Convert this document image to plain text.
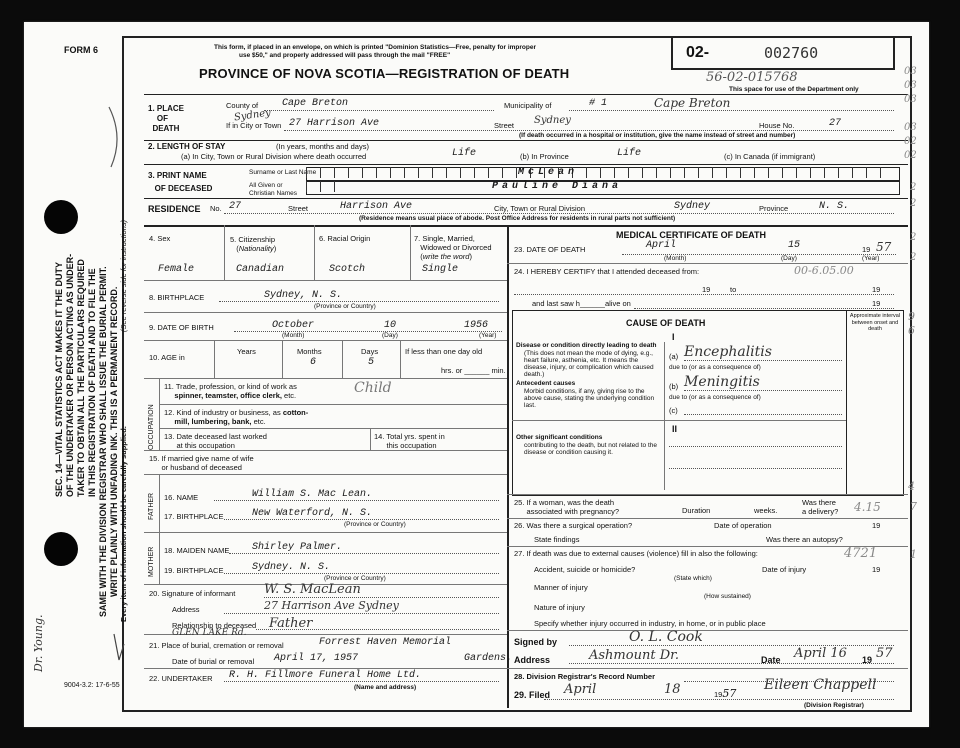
FORM 6
SEC. 14—VITAL STATISTICS ACT MAKES IT THE DUTY OF THE UNDERTAKER OR PERSON ACTING AS UNDER- TAKER TO OBTAIN ALL THE PARTICULARS REQUIRED IN THIS REGISTRATION OF DEATH AND TO FILE THE SAME WITH THE DIVISION REGISTRAR WHO SHALL ISSUE THE BURIAL PERMIT. WRITE PLAINLY WITH UNFADING INK. THIS IS A PERMANENT RECORD. Every item of information should be carefully supplied.
(See reverse side for instructions)
Dr. Young.
9004-3.2: 17-6-55
This form, if placed in an envelope, on which is printed "Dominion Statistics—Free, penalty for improper
use $50," and properly addressed will pass through the mail "FREE"
PROVINCE OF NOVA SCOTIA—REGISTRATION OF DEATH
02-	002760
56-02-015768
This space for use of the Department only
1. PLACE
OF
DEATH
County of Cape Breton	Municipality of	# 1	Cape Breton
Sydney
If in City or Town 27 Harrison Ave	Street Sydney	House No.	27
(If death occurred in a hospital or institution, give the name instead of street and number)
2. LENGTH OF STAY	(In years, months and days)
(a) In City, Town or Rural Division where death occurred	Life	(b) In Province	Life	(c) In Canada (if immigrant)
3. PRINT NAME
OF DECEASED
Surname or Last Name
All Given or
Christian Names
McLean
Pauline Diana
RESIDENCE No. 27	Street	Harrison Ave	City, Town or Rural Division	Sydney	Province	N. S.
(Residence means usual place of abode. Post Office Address for residents in rural parts not sufficient)
4. Sex
Female
5. Citizenship
(Nationality)
Canadian
6. Racial Origin
Scotch
7. Single, Married,
Widowed or Divorced
(write the word)
Single
8. BIRTHPLACE	Sydney, N. S.
(Province or Country)
9. DATE OF BIRTH	October	10	1956
(Month)	(Day)	(Year)
10. AGE in
Years	Months
6
Days
5
If less than one day old
hrs. or ______ min.
OCCUPATION
11. Trade, profession, or kind of work as
spinner, teamster, office clerk, etc.	Child
12. Kind of industry or business, as cotton-
mill, lumbering, bank, etc.
13. Date deceased last worked
at this occupation
14. Total yrs. spent in
this occupation
15. If married give name of wife
or husband of deceased
FATHER 16. NAME	William S. Mac Lean.
17. BIRTHPLACE	New Waterford, N. S.
(Province or Country)
MOTHER 18. MAIDEN NAME Shirley Palmer.
19. BIRTHPLACE	Sydney. N. S.
(Province or Country)
20. Signature of informant W. S. MacLean
Address	27 Harrison Ave Sydney
Relationship to deceased Father
GLEN LAKE Rd.
21. Place of burial, cremation or removal	Forrest Haven Memorial
Date of burial or removal April 17, 1957	Gardens.
22. UNDERTAKER R. H. Fillmore Funeral Home Ltd.
(Name and address)
MEDICAL CERTIFICATE OF DEATH
23. DATE OF DEATH	April	15	19 57
(Month)	(Day)	(Year)
24. I HEREBY CERTIFY that I attended deceased from:	00-6.05.00
to
19	19
and last saw h______alive on	19
CAUSE OF DEATH
Approximate interval between onset and death
I
Disease or condition directly leading to death
(This does not mean the mode of dying, e.g., heart failure, asthenia, etc. It means the disease, injury, or complication which caused death.)
(a) Encephalitis
due to (or as a consequence of)
Antecedent causes
Morbid conditions, if any, giving rise to the above cause, stating the underlying condition last.
(b) Meningitis
due to (or as a consequence of)
(c)
II
Other significant conditions
contributing to the death, but not related to the disease or condition causing it.
25. If a woman, was the death
associated with pregnancy?	Duration	weeks.
Was there
a delivery? 4.15
26. Was there a surgical operation?	Date of operation	19
State findings	Was there an autopsy?
27. If death was due to external causes (violence) fill in also the following:	4721
Accident, suicide or homicide?	Date of injury	19
(State which)
Manner of injury
(How sustained)
Nature of injury
Specify whether injury occurred in industry, in home, or in public place
Signed by	O. L. Cook
Address	Ashmount Dr.	Date April 16 19 57
28. Division Registrar's Record Number
29. Filed April	18	1957
Eileen Chappell
(Division Registrar)
03
03
03
03
02
02
2
2
2
2
9
6
4
1
7
